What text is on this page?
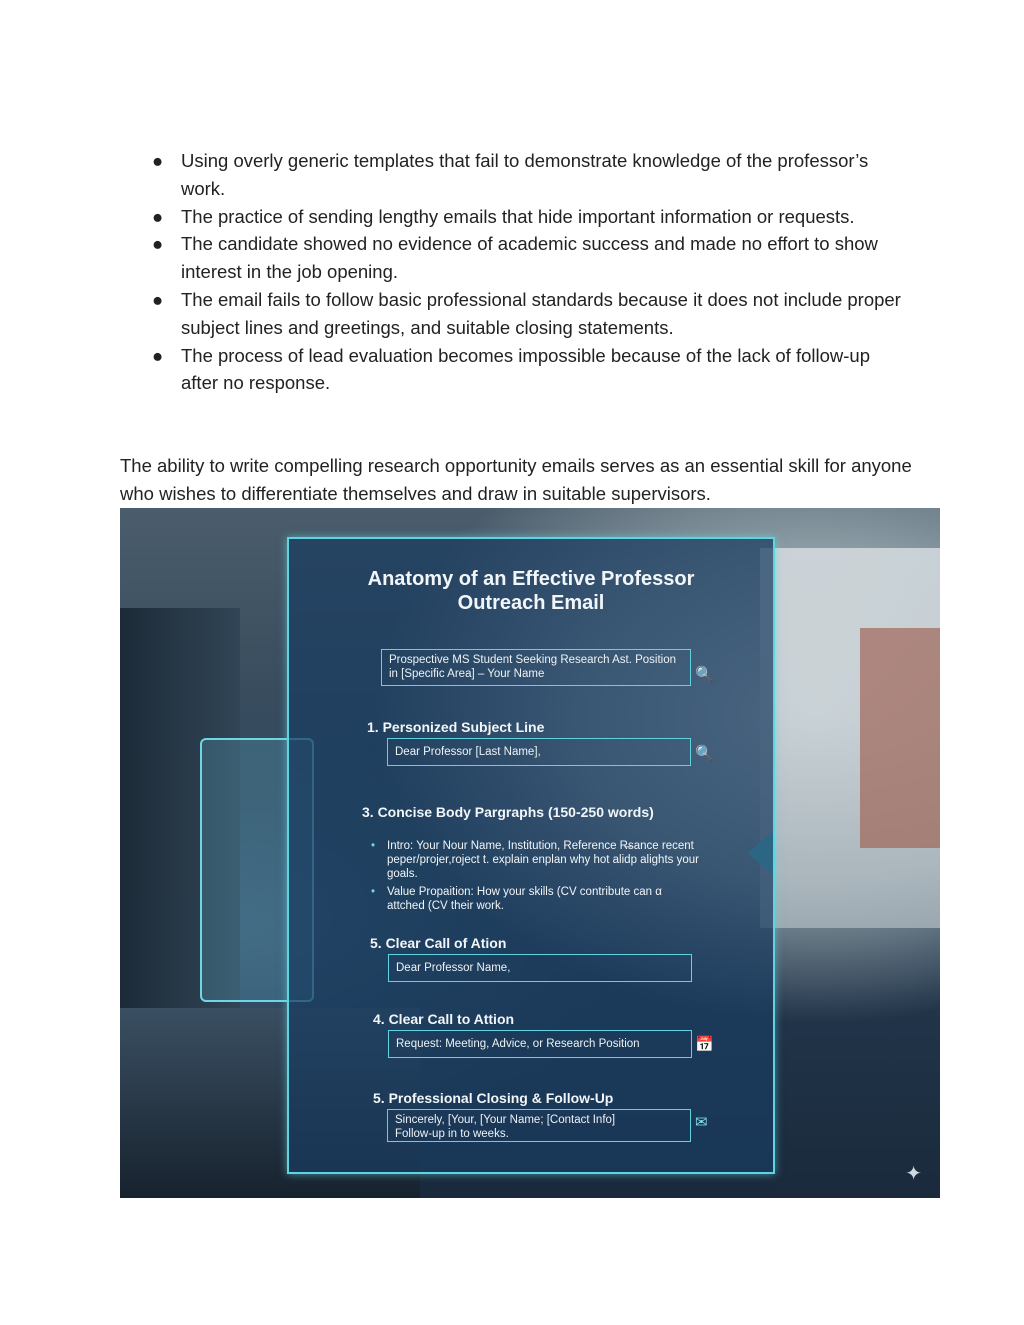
● Using overly generic templates that fail to demonstrate knowledge of the professor’s work.
● The practice of sending lengthy emails that hide important information or requests.
● The candidate showed no evidence of academic success and made no effort to show interest in the job opening.
● The email fails to follow basic professional standards because it does not include proper subject lines and greetings, and suitable closing statements.
● The process of lead evaluation becomes impossible because of the lack of follow-up after no response.

The ability to write compelling research opportunity emails serves as an essential skill for anyone who wishes to differentiate themselves and draw in suitable supervisors.

Anatomy of an Effective Professor Outreach Email
Prospective MS Student Seeking Research Ast. Position in [Specific Area] – Your Name	🔍
1. Personized Subject Line
Dear Professor [Last Name],	🔍
3. Concise Body Pargraphs (150-250 words)
• Intro: Your Nour Name, Institution, Reference R̶sance recent peper/projer,roject t. explain enplan why hot alidp alights your goals.
• Value Propaition: How your skills (CV contribute can α attched (CV their work.
5. Clear Call of Ation
Dear Professor Name,
4. Clear Call to Attion
Request: Meeting, Advice, or Research Position	📅
5. Professional Closing & Follow-Up
Sincerely, [Your, [Your Name; [Contact Info]
Follow-up in to weeks.
✉
✦
